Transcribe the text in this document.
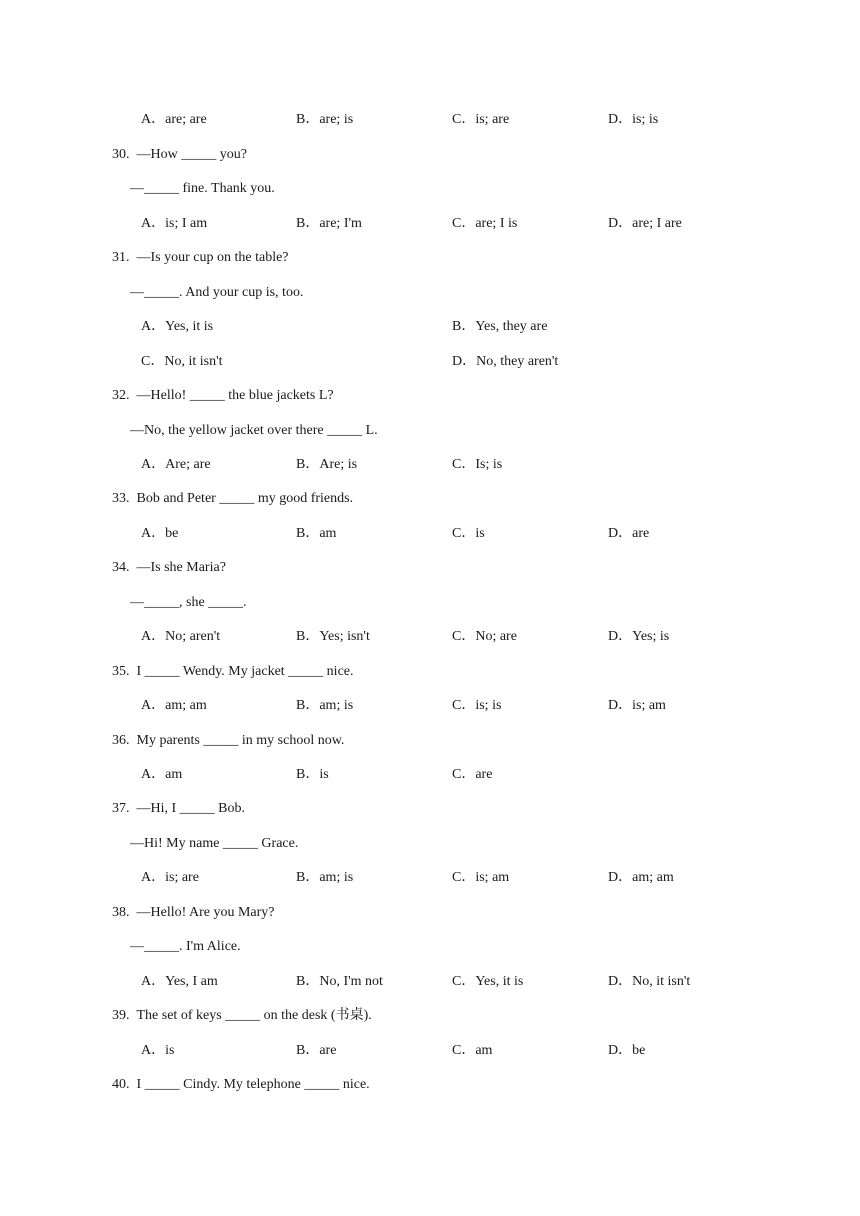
A．are; are	B．are; is	C．is; are	D．is; is
30. —How _____ you?
—_____ fine. Thank you.
A．is; I am	B．are; I'm	C．are; I is	D．are; I are
31. —Is your cup on the table?
—_____. And your cup is, too.
A．Yes, it is	B．Yes, they are
C．No, it isn't	D．No, they aren't
32. —Hello! _____ the blue jackets L?
—No, the yellow jacket over there _____ L.
A．Are; are	B．Are; is	C．Is; is
33. Bob and Peter _____ my good friends.
A．be	B．am	C．is	D．are
34. —Is she Maria?
—_____, she _____.
A．No; aren't	B．Yes; isn't	C．No; are	D．Yes; is
35. I _____ Wendy. My jacket _____ nice.
A．am; am	B．am; is	C．is; is	D．is; am
36. My parents _____ in my school now.
A．am	B．is	C．are
37. —Hi, I _____ Bob.
—Hi! My name _____ Grace.
A．is; are	B．am; is	C．is; am	D．am; am
38. —Hello! Are you Mary?
—_____. I'm Alice.
A．Yes, I am	B．No, I'm not	C．Yes, it is	D．No, it isn't
39. The set of keys _____ on the desk (书桌).
A．is	B．are	C．am	D．be
40. I _____ Cindy. My telephone _____ nice.
